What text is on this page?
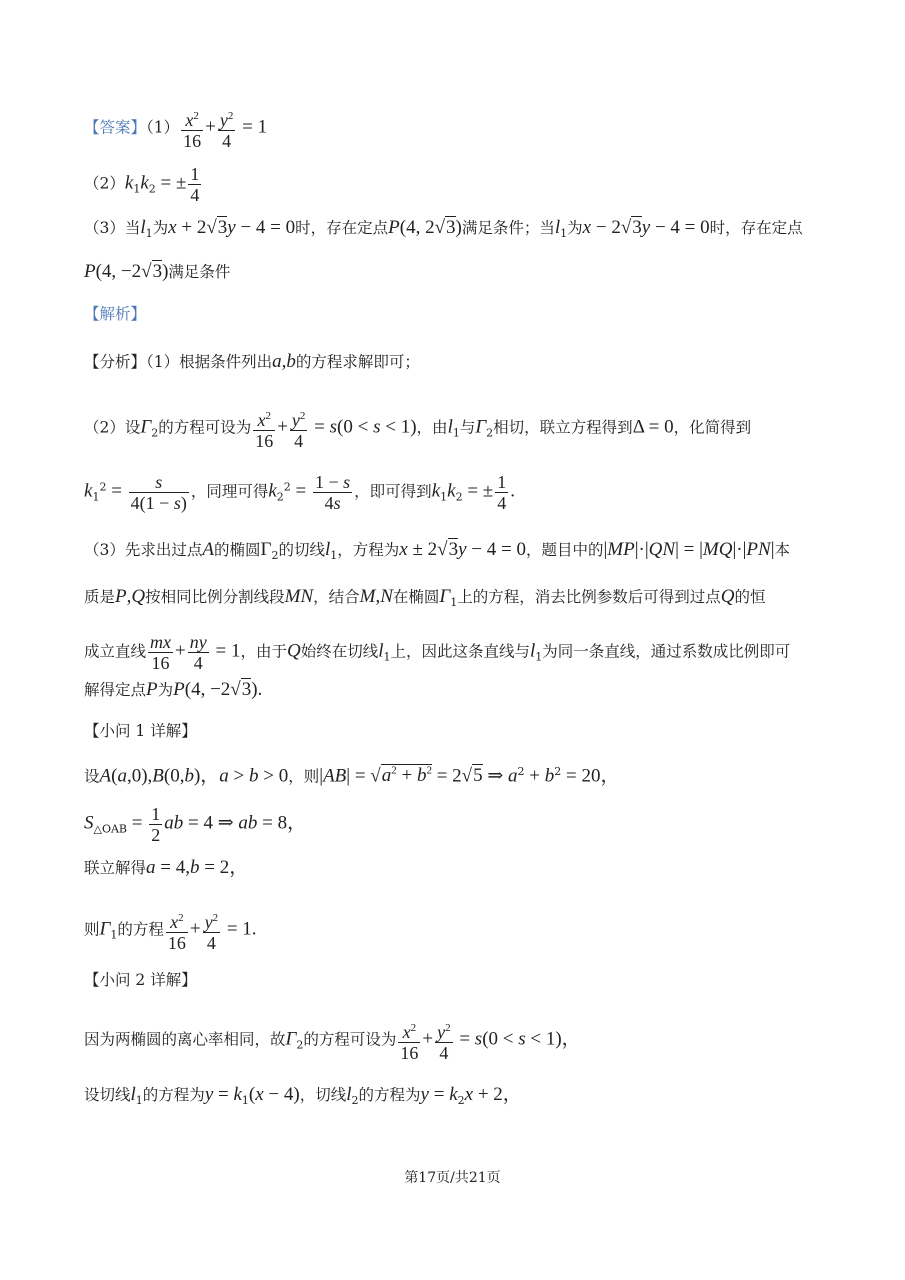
【答案】$(1) \frac{x^2}{16} + \frac{y^2}{4} = 1$
$(2)k_1k_2$ = ± $\frac{1}{4}$
（3）当$l_1$为x + 2√3y − 4 = 0时，存在定点P(4, 2√3)满足条件；当$l_1$为x − 2√3y − 4 = 0时，存在定点
P(4, −2√3)满足条件
【解析】
【分析】（1）根据条件列出a,b的方程求解即可；
（2）设$\Gamma_2$的方程可设为 $\frac{x^2}{16} + \frac{y^2}{4} = s(0 < s < 1)$，由$l_1$与$\Gamma_2$相切，联立方程得到Δ = 0，化简得到
$k_1^2 = \frac{s}{4(1 - s)}$ ，同理可得$k_2^2 = \frac{1 - s}{4s}$ ，即可得到$k_1k_2$ = ± $\frac{1}{4}$ .
（3）先求出过点A的椭圆$\Gamma_2$的切线$l_1$，方程为x ± 2√3y − 4 = 0，题目中的|MP|·|QN| = |MQ|·|PN|本
质是P,Q按相同比例分割线段MN，结合M,N在椭圆$\Gamma_1$上的方程，消去比例参数后可得到过点Q的恒
成立直线 $\frac{mx}{16} + \frac{ny}{4} = 1$，由于Q始终在切线$l_1$上，因此这条直线与$l_1$为同一条直线，通过系数成比例即可
解得定点P为P(4, −2√3).
【小问 1 详解】
设A(a,0),B(0,b)，a > b > 0，则$|AB| = √a^2 + b^2 = 2√5$ ⇒ $a^2 + b^2 = 20$，
$S_{\triangle OAB} = \frac{1}{2}$ ab = 4 ⇒ ab = 8，
联立解得a = 4,b = 2，
则$\Gamma_1$的方程 $\frac{x^2}{16} + \frac{y^2}{4} = 1$.
【小问 2 详解】
因为两椭圆的离心率相同，故$\Gamma_2$的方程可设为 $\frac{x^2}{16} + \frac{y^2}{4} = s(0 < s < 1)$，
设切线$l_1$的方程为$y = k_1(x - 4)$，切线$l_2$的方程为$y = k_2x + 2$，
第17页/共21页
